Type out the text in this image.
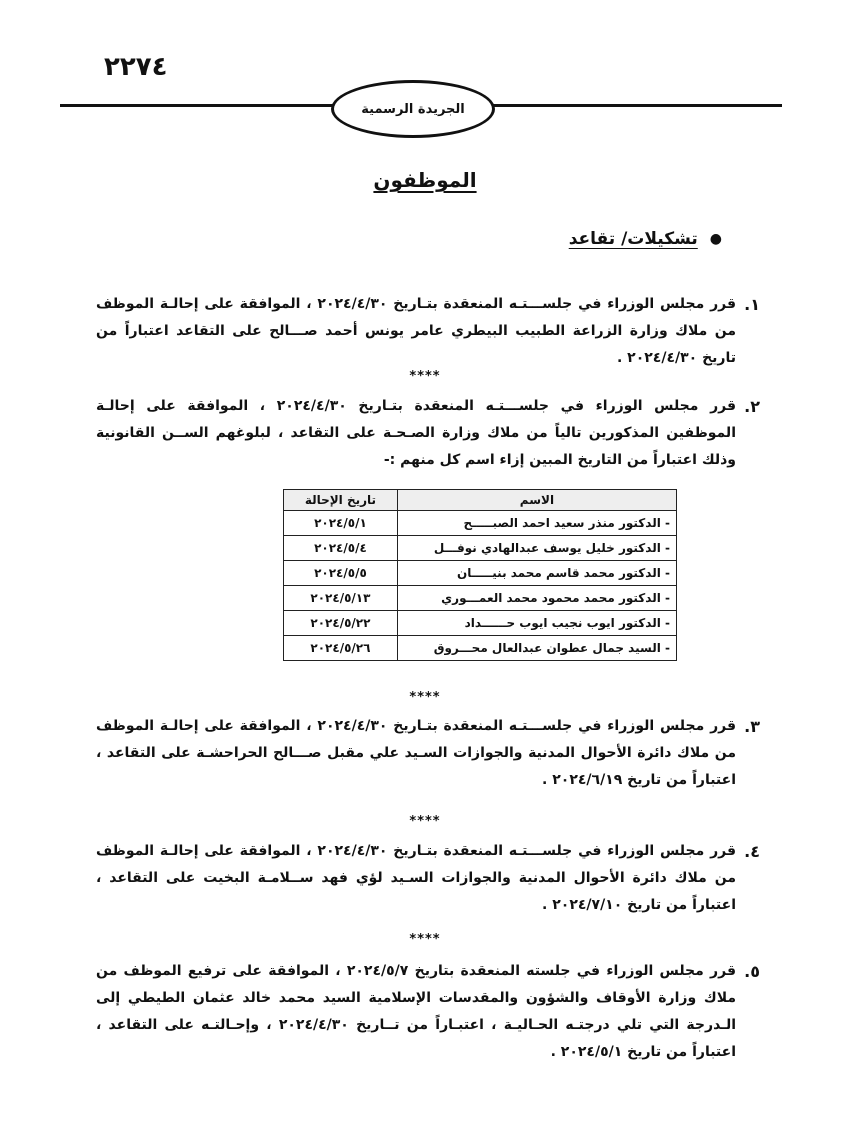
٢٢٧٤
الجريدة الرسمية
الموظفون
●
تشكيلات/ تقاعد
١.
قرر مجلس الوزراء في جلســـتـه المنعقدة بتـاريخ ٢٠٢٤/٤/٣٠ ، الموافقة على إحالـة الموظف من ملاك وزارة الزراعة الطبيب البيطري عامر يونس أحمد صـــالح على التقاعد اعتباراً من تاريخ ٢٠٢٤/٤/٣٠ .
****
٢.
قرر مجلس الوزراء في جلســـتـه المنعقدة بتـاريخ ٢٠٢٤/٤/٣٠ ، الموافقة على إحالـة الموظفين المذكورين تالياً من ملاك وزارة الصـحـة على التقاعد ، لبلوغهم الســن القانونية وذلك اعتباراً من التاريخ المبين إزاء اسم كل منهم :-
الاسم	تاريخ الإحالة
- الدكتور منذر سعيد احمد الصبـــــح	٢٠٢٤/٥/١
- الدكتور خليل يوسف عبدالهادي نوفـــل	٢٠٢٤/٥/٤
- الدكتور محمد قاسم محمد بنيـــــان	٢٠٢٤/٥/٥
- الدكتور محمد محمود محمد العمـــوري	٢٠٢٤/٥/١٣
- الدكتور ايوب نجيب ايوب حــــــداد	٢٠٢٤/٥/٢٢
- السيد جمال عطوان عبدالعال محـــروق	٢٠٢٤/٥/٢٦
****
٣.
قرر مجلس الوزراء في جلســـتـه المنعقدة بتـاريخ ٢٠٢٤/٤/٣٠ ، الموافقة على إحالـة الموظف من ملاك دائرة الأحوال المدنية والجوازات السـيد علي مقبل صـــالح الحراحشـة على التقاعد ، اعتباراً من تاريخ ٢٠٢٤/٦/١٩ .
****
٤.
قرر مجلس الوزراء في جلســـتـه المنعقدة بتـاريخ ٢٠٢٤/٤/٣٠ ، الموافقة على إحالـة الموظف من ملاك دائرة الأحوال المدنية والجوازات السـيد لؤي فهد ســلامـة البخيت على التقاعد ، اعتباراً من تاريخ ٢٠٢٤/٧/١٠ .
****
٥.
قرر مجلس الوزراء في جلسته المنعقدة بتاريخ ٢٠٢٤/٥/٧ ، الموافقة على ترفيع الموظف من ملاك وزارة الأوقاف والشؤون والمقدسات الإسلامية السيد محمد خالد عثمان الطيطي إلى الـدرجة التي تلي درجتـه الحـاليـة ، اعتبـاراً من تــاريخ ٢٠٢٤/٤/٣٠ ، وإحـالتـه على التقاعد ، اعتباراً من تاريخ ٢٠٢٤/٥/١ .
